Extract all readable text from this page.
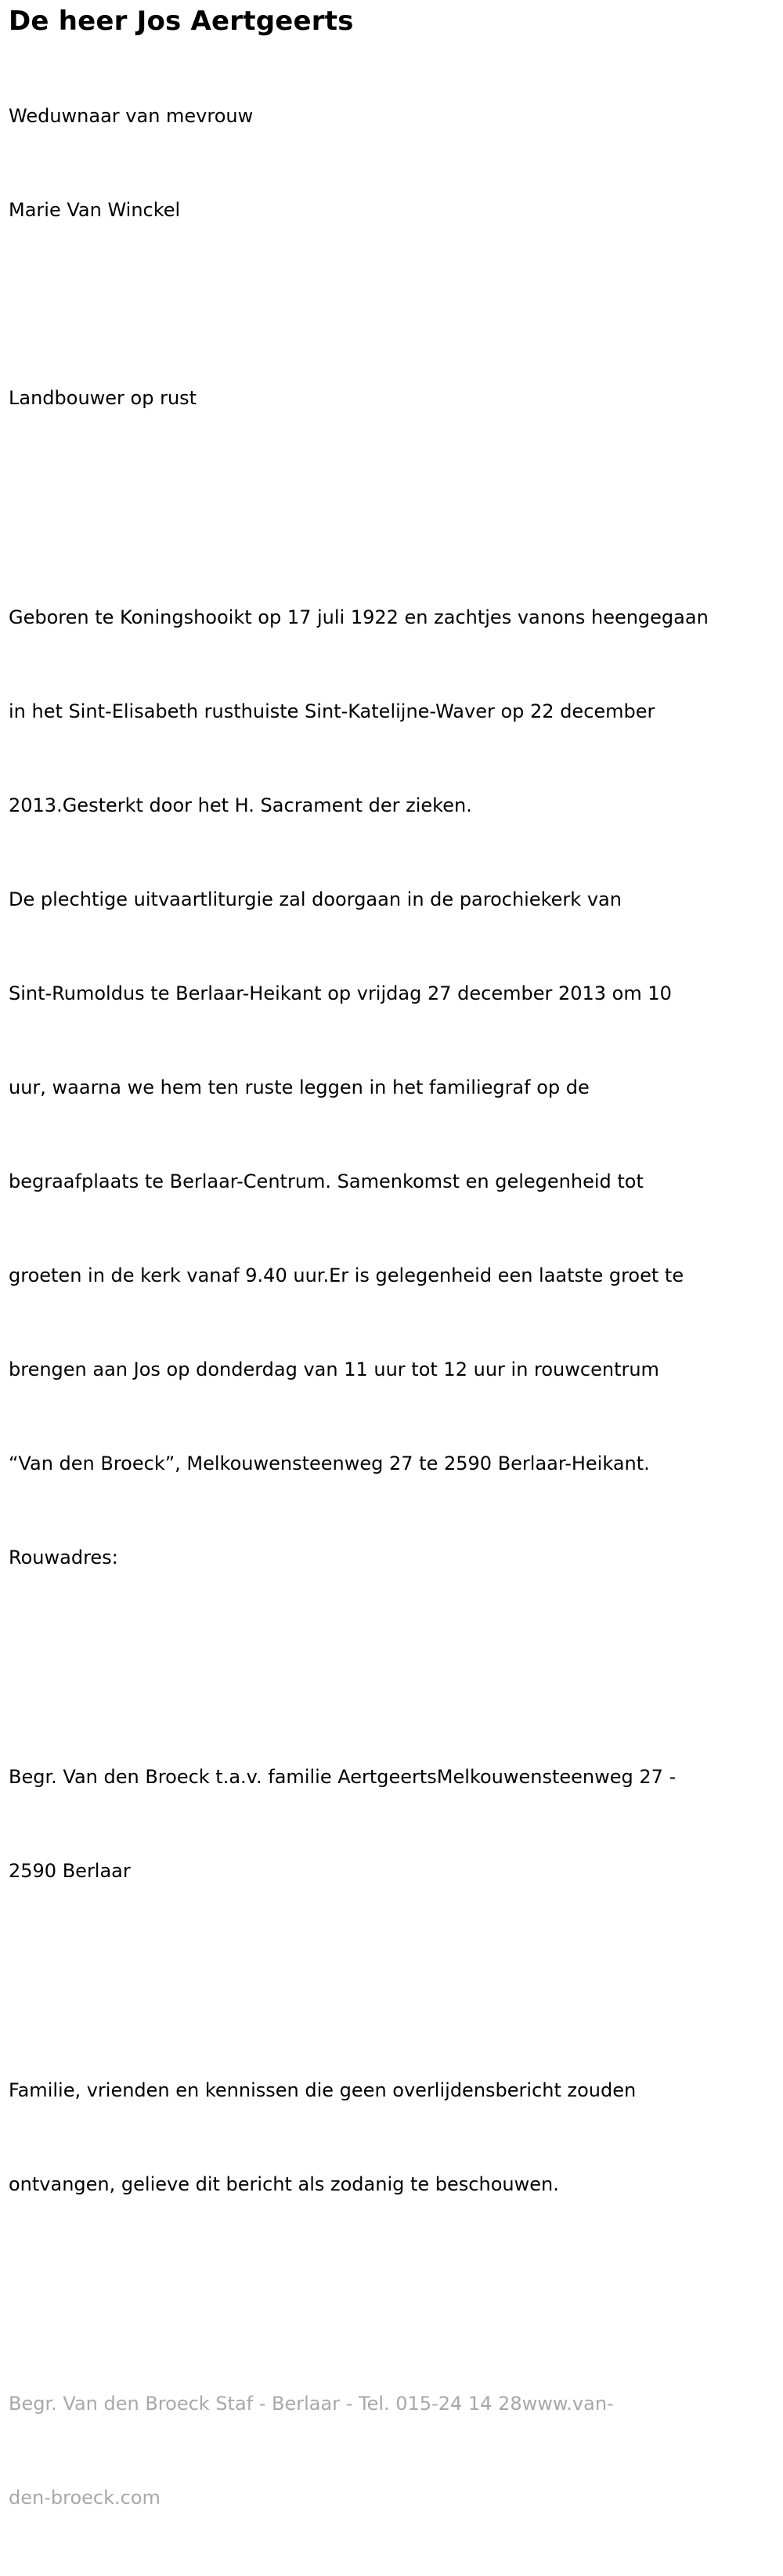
De heer Jos Aertgeerts

Weduwnaar van mevrouw

Marie Van Winckel

Landbouwer op rust

Geboren te Koningshooikt op 17 juli 1922 en zachtjes vanons heengegaan

in het Sint-Elisabeth rusthuiste Sint-Katelijne-Waver op 22 december

2013.Gesterkt door het H. Sacrament der zieken.

De plechtige uitvaartliturgie zal doorgaan in de parochiekerk van

Sint-Rumoldus te Berlaar-Heikant op vrijdag 27 december 2013 om 10

uur, waarna we hem ten ruste leggen in het familiegraf op de

begraafplaats te Berlaar-Centrum. Samenkomst en gelegenheid tot

groeten in de kerk vanaf 9.40 uur.Er is gelegenheid een laatste groet te

brengen aan Jos op donderdag van 11 uur tot 12 uur in rouwcentrum

“Van den Broeck”, Melkouwensteenweg 27 te 2590 Berlaar-Heikant.

Rouwadres:

Begr. Van den Broeck t.a.v. familie AertgeertsMelkouwensteenweg 27 -

2590 Berlaar

Familie, vrienden en kennissen die geen overlijdensbericht zouden

ontvangen, gelieve dit bericht als zodanig te beschouwen.

Begr. Van den Broeck Staf - Berlaar - Tel. 015-24 14 28www.van-

den-broeck.com
